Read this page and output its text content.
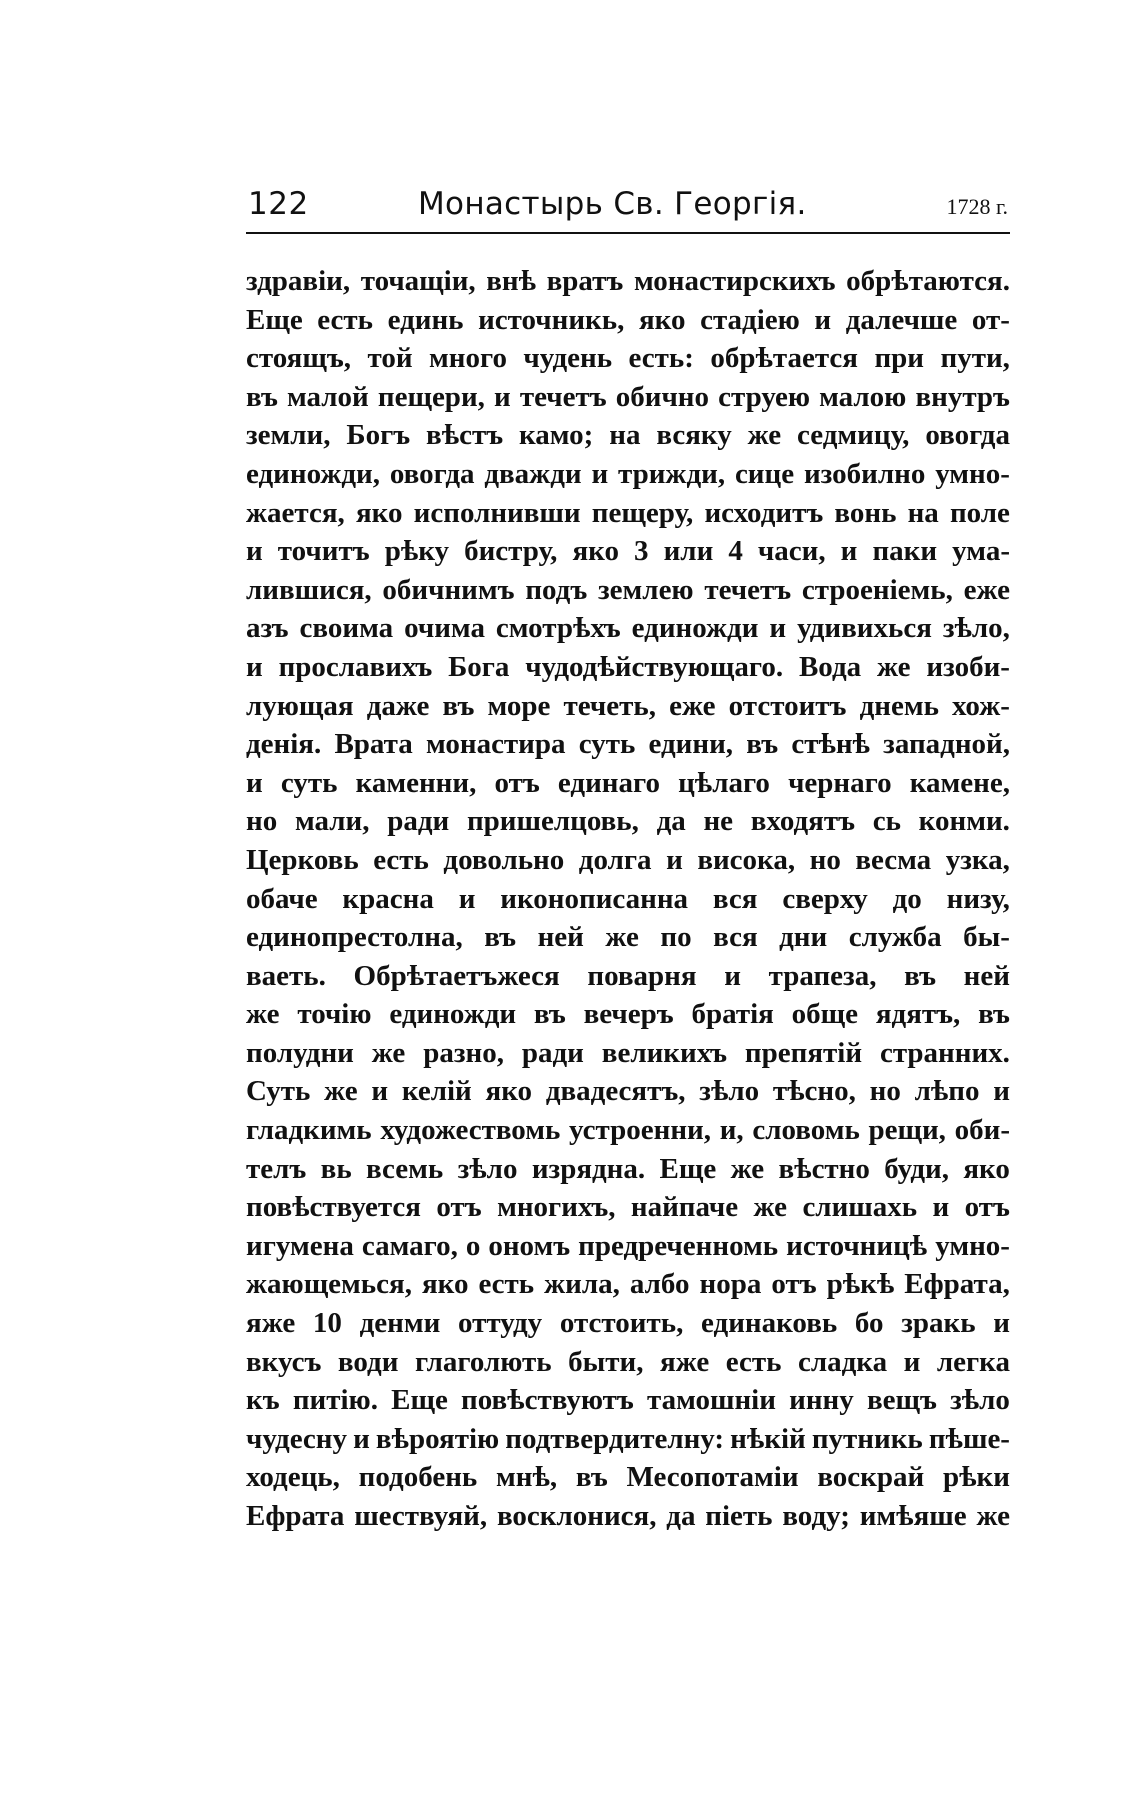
122	Монастырь Св. Георгія.	1728 г.
здравіи, точащіи, внѣ вратъ монастирскихъ обрѣтаются.
Еще есть единь источникь, яко стадіею и далечше от-
стоящъ, той много чудень есть: обрѣтается при пути,
въ малой пещери, и течетъ обично струею малою внутръ
земли, Богъ вѣстъ камо; на всяку же седмицу, овогда
единожди, овогда дважди и трижди, сице изобилно умно-
жается, яко исполнивши пещеру, исходитъ вонь на поле
и точитъ рѣку бистру, яко 3 или 4 часи, и паки ума-
лившися, обичнимъ подъ землею течетъ строеніемь, еже
азъ своима очима смотрѣхъ единожди и удивихься зѣло,
и прославихъ Бога чудодѣйствующаго. Вода же изоби-
лующая даже въ море течеть, еже отстоитъ днемь хож-
денія. Врата монастира суть едини, въ стѣнѣ западной,
и суть каменни, отъ единаго цѣлаго чернаго камене,
но мали, ради пришелцовь, да не входятъ сь конми.
Церковь есть довольно долга и висока, но весма узка,
обаче красна и иконописанна вся сверху до низу,
единопрестолна, въ ней же по вся дни служба бы-
ваеть. Обрѣтаетъжеся поварня и трапеза, въ ней
же точію единожди въ вечеръ братія обще ядятъ, въ
полудни же разно, ради великихъ препятій странних.
Суть же и келій яко двадесятъ, зѣло тѣсно, но лѣпо и
гладкимь художествомь устроенни, и, словомь рещи, оби-
телъ вь всемь зѣло изрядна. Еще же вѣстно буди, яко
повѣствуется отъ многихъ, найпаче же слишахь и отъ
игумена самаго, о ономъ предреченномь источницѣ умно-
жающемься, яко есть жила, албо нора отъ рѣкѣ Ефрата,
яже 10 денми оттуду отстоить, единаковь бо зракь и
вкусъ води глаголють быти, яже есть сладка и легка
къ питію. Еще повѣствуютъ тамошніи инну вещъ зѣло
чудесну и вѣроятію подтвердителну: нѣкій путникь пѣше-
ходець, подобень мнѣ, въ Месопотаміи воскрай рѣки
Ефрата шествуяй, восклонися, да піеть воду; имѣяше же
